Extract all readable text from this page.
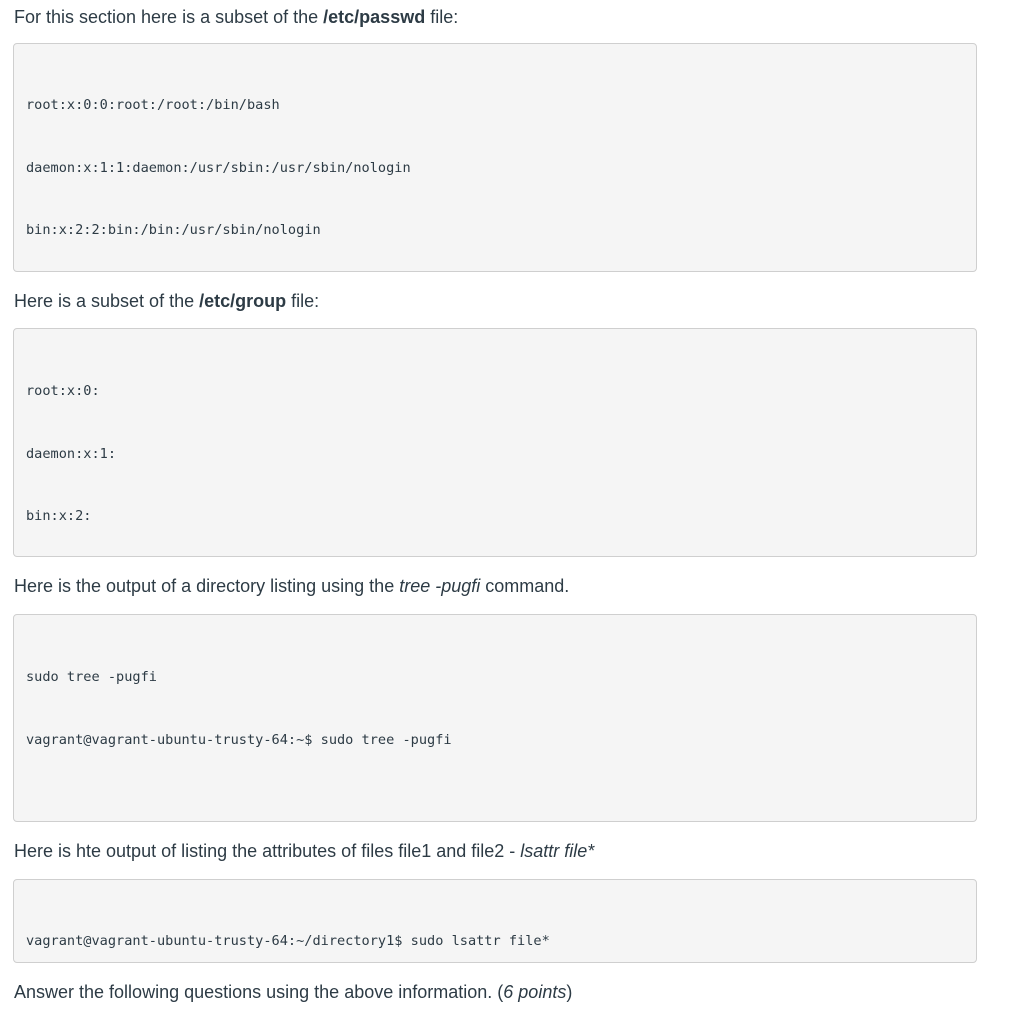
For this section here is a subset of the /etc/passwd file:

root:x:0:0:root:/root:/bin/bash

daemon:x:1:1:daemon:/usr/sbin:/usr/sbin/nologin

bin:x:2:2:bin:/bin:/usr/sbin/nologin

Here is a subset of the /etc/group file:

root:x:0:

daemon:x:1:

bin:x:2:

Here is the output of a directory listing using the tree -pugfi command.

sudo tree -pugfi

vagrant@vagrant-ubuntu-trusty-64:~$ sudo tree -pugfi

Here is hte output of listing the attributes of files file1 and file2 - lsattr file*

vagrant@vagrant-ubuntu-trusty-64:~/directory1$ sudo lsattr file*

Answer the following questions using the above information. (6 points)
